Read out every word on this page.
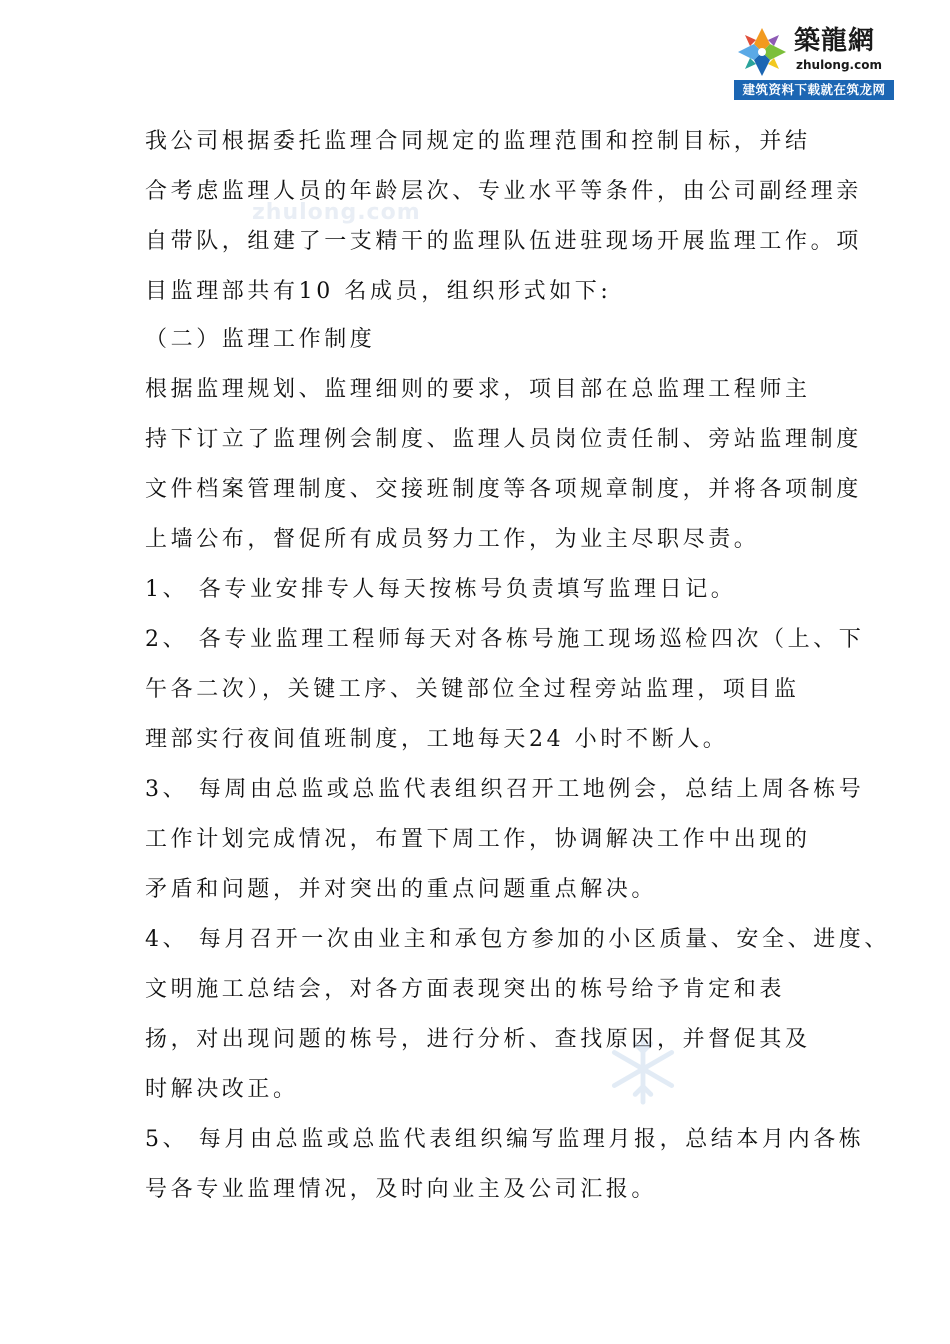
築龍網
zhulong.com
建筑资料下载就在筑龙网
zhulong.com
我公司根据委托监理合同规定的监理范围和控制目标，并结
合考虑监理人员的年龄层次、专业水平等条件，由公司副经理亲
自带队，组建了一支精干的监理队伍进驻现场开展监理工作。项
目监理部共有10 名成员，组织形式如下:
（二）监理工作制度
根据监理规划、监理细则的要求，项目部在总监理工程师主
持下订立了监理例会制度、监理人员岗位责任制、旁站监理制度
文件档案管理制度、交接班制度等各项规章制度，并将各项制度
上墙公布，督促所有成员努力工作，为业主尽职尽责。
1、 各专业安排专人每天按栋号负责填写监理日记。
2、 各专业监理工程师每天对各栋号施工现场巡检四次（上、下
午各二次），关键工序、关键部位全过程旁站监理，项目监
理部实行夜间值班制度，工地每天24 小时不断人。
3、 每周由总监或总监代表组织召开工地例会，总结上周各栋号
工作计划完成情况，布置下周工作，协调解决工作中出现的
矛盾和问题，并对突出的重点问题重点解决。
4、 每月召开一次由业主和承包方参加的小区质量、安全、进度、
文明施工总结会，对各方面表现突出的栋号给予肯定和表
扬，对出现问题的栋号，进行分析、查找原因，并督促其及
时解决改正。
5、 每月由总监或总监代表组织编写监理月报，总结本月内各栋
号各专业监理情况，及时向业主及公司汇报。
